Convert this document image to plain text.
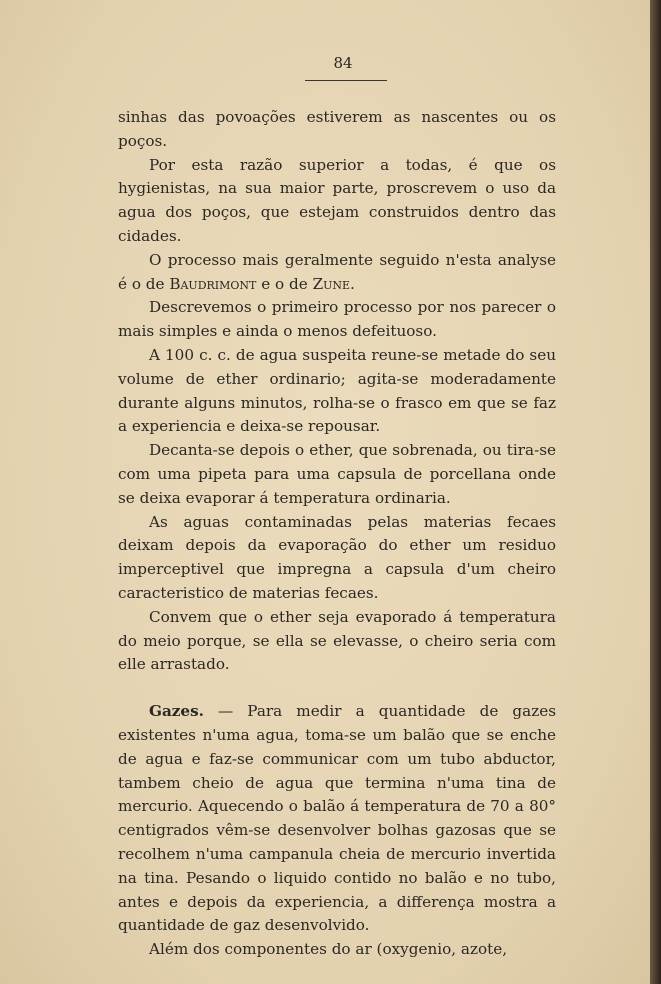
84

sinhas das povoações estiverem as nascentes ou os poços.

Por esta razão superior a todas, é que os hygienistas, na sua maior parte, proscrevem o uso da agua dos poços, que estejam construidos dentro das cidades.

O processo mais geralmente seguido n'esta analyse é o de Baudrimont e o de Zune.

Descrevemos o primeiro processo por nos parecer o mais simples e ainda o menos defeituoso.

A 100 c. c. de agua suspeita reune-se metade do seu volume de ether ordinario; agita-se moderadamente durante alguns minutos, rolha-se o frasco em que se faz a experiencia e deixa-se repousar.

Decanta-se depois o ether, que sobrenada, ou tira-se com uma pipeta para uma capsula de porcellana onde se deixa evaporar á temperatura ordinaria.

As aguas contaminadas pelas materias fecaes deixam depois da evaporação do ether um residuo imperceptivel que impregna a capsula d'um cheiro caracteristico de materias fecaes.

Convem que o ether seja evaporado á temperatura do meio porque, se ella se elevasse, o cheiro seria com elle arrastado.

Gazes. — Para medir a quantidade de gazes existentes n'uma agua, toma-se um balão que se enche de agua e faz-se communicar com um tubo abductor, tambem cheio de agua que termina n'uma tina de mercurio. Aquecendo o balão á temperatura de 70 a 80° centigrados vêm-se desenvolver bolhas gazosas que se recolhem n'uma campanula cheia de mercurio invertida na tina. Pesando o liquido contido no balão e no tubo, antes e depois da experiencia, a differença mostra a quantidade de gaz desenvolvido.

Além dos componentes do ar (oxygenio, azote,
